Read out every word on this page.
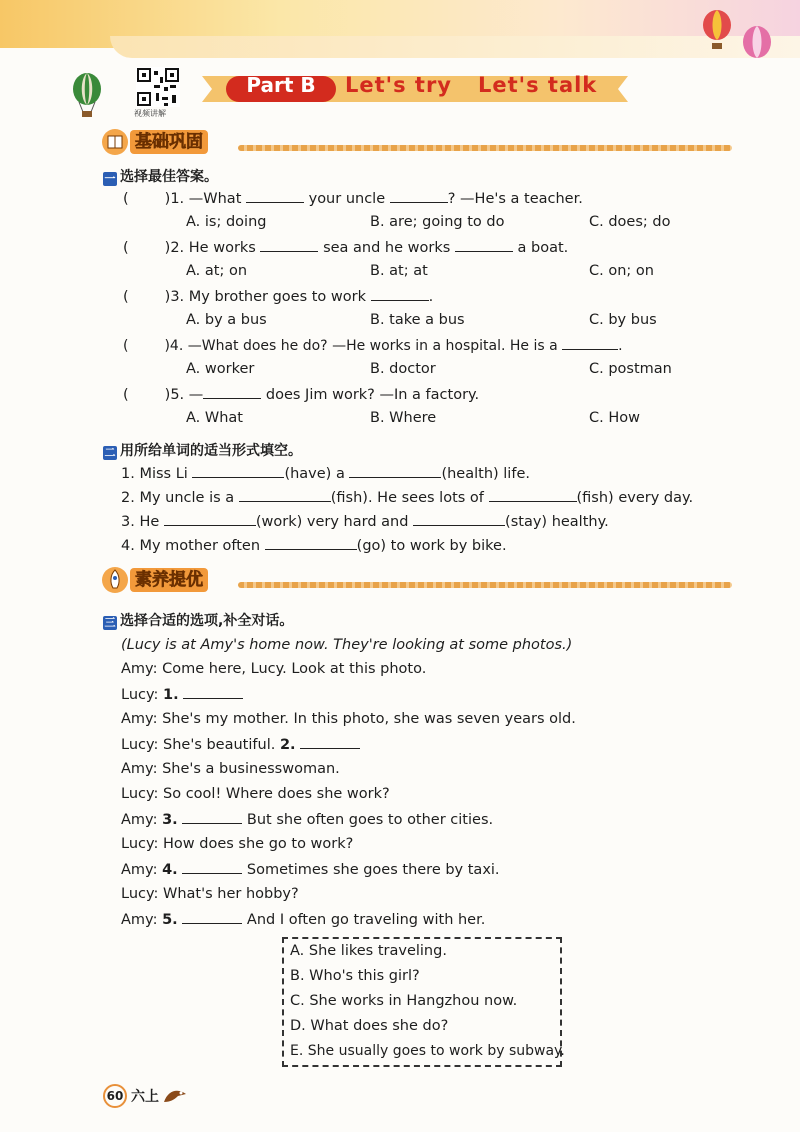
视频讲解
Part B	Let's try Let's talk
基础巩固
一 选择最佳答案。
( )1. —What	your uncle	? —He's a teacher.
A. is; doing	B. are; going to do	C. does; do
( )2. He works	sea and he works	a boat.
A. at; on	B. at; at	C. on; on
( )3. My brother goes to work	.
A. by a bus	B. take a bus	C. by bus
(	)4. —What does he do? —He works in a hospital. He is a	.
A. worker	B. doctor	C. postman
( )5. —	does Jim work? —In a factory.
A. What	B. Where	C. How
二 用所给单词的适当形式填空。
1. Miss Li	(have) a	(health) life.
2. My uncle is a	(fish). He sees lots of	(fish) every day.
3. He	(work) very hard and	(stay) healthy.
4. My mother often	(go) to work by bike.
素养提优
三 选择合适的选项,补全对话。
(Lucy is at Amy's home now. They're looking at some photos.)
Amy: Come here, Lucy. Look at this photo.
Lucy: 1.
Amy: She's my mother. In this photo, she was seven years old.
Lucy: She's beautiful. 2.
Amy: She's a businesswoman.
Lucy: So cool! Where does she work?
Amy: 3.	But she often goes to other cities.
Lucy: How does she go to work?
Amy: 4.	Sometimes she goes there by taxi.
Lucy: What's her hobby?
Amy: 5.	And I often go traveling with her.
A. She likes traveling.
B. Who's this girl?
C. She works in Hangzhou now.
D. What does she do?
E. She usually goes to work by subway.
60 六上
